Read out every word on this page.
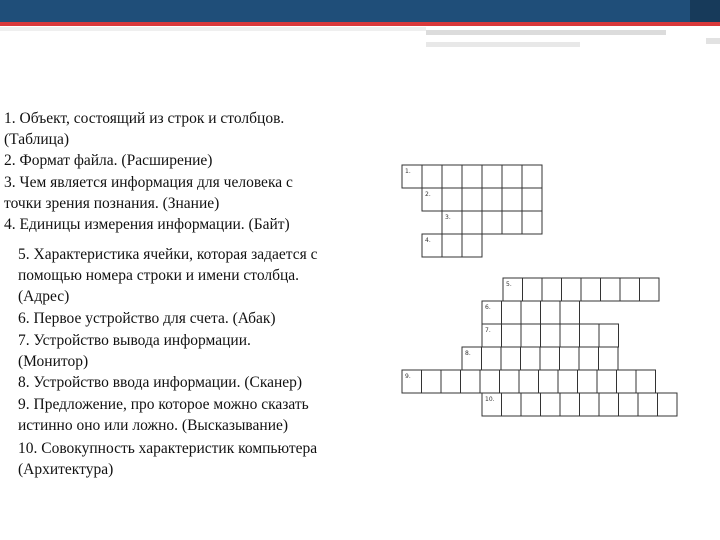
1. Объект, состоящий из строк и столбцов.
(Таблица)
2. Формат файла. (Расширение)
3. Чем является информация для человека с
точки зрения познания. (Знание)
4. Единицы измерения информации. (Байт)
5. Характеристика ячейки, которая задается с
помощью номера строки и имени столбца.
(Адрес)
6. Первое устройство для счета. (Абак)
7. Устройство вывода информации.
(Монитор)
8. Устройство ввода информации. (Сканер)
9. Предложение, про которое можно сказать
истинно оно или ложно. (Высказывание)
10. Совокупность характеристик компьютера
(Архитектура)
1.
2.
3.
4.
5.
6.
7.
8.
9.
10.
